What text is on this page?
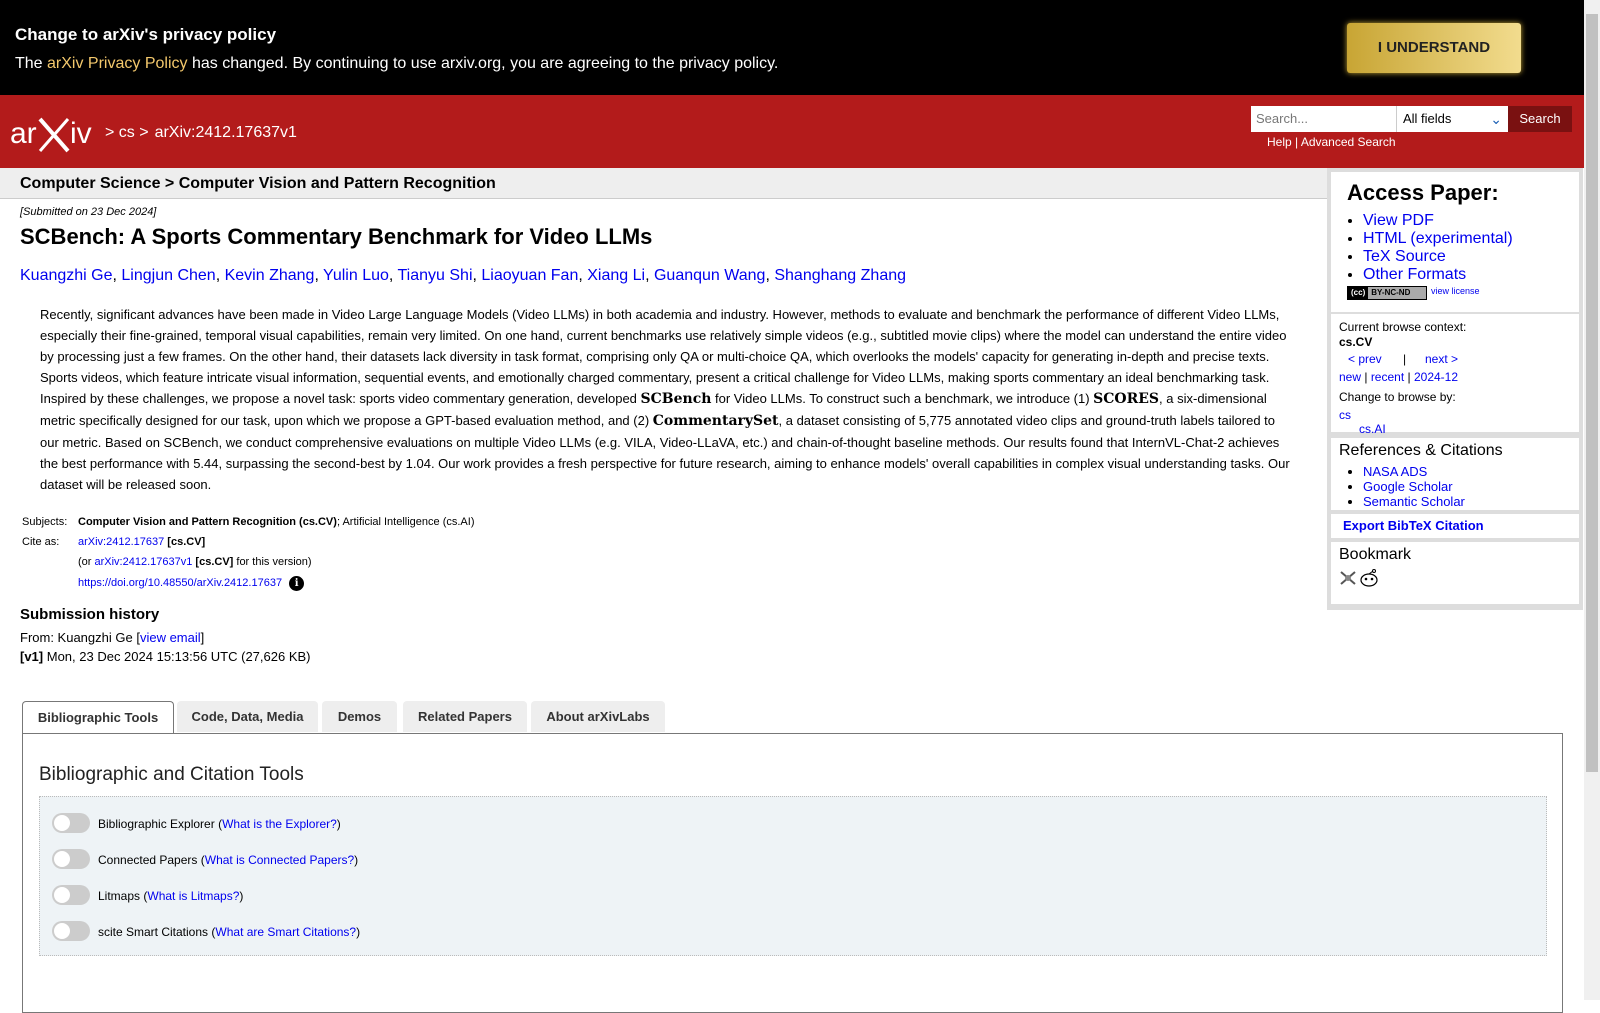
Change to arXiv's privacy policy
The arXiv Privacy Policy has changed. By continuing to use arxiv.org, you are agreeing to the privacy policy.
I UNDERSTAND
ar iv > cs > arXiv:2412.17637v1
Search...	All fields	⌄	Search
Help | Advanced Search
Computer Science > Computer Vision and Pattern Recognition
[Submitted on 23 Dec 2024]
SCBench: A Sports Commentary Benchmark for Video LLMs
Kuangzhi Ge, Lingjun Chen, Kevin Zhang, Yulin Luo, Tianyu Shi, Liaoyuan Fan, Xiang Li, Guanqun Wang, Shanghang Zhang
Recently, significant advances have been made in Video Large Language Models (Video LLMs) in both academia and industry. However, methods to evaluate and benchmark the performance of different Video LLMs, especially their fine-grained, temporal visual capabilities, remain very limited. On one hand, current benchmarks use relatively simple videos (e.g., subtitled movie clips) where the model can understand the entire video by processing just a few frames. On the other hand, their datasets lack diversity in task format, comprising only QA or multi-choice QA, which overlooks the models' capacity for generating in-depth and precise texts. Sports videos, which feature intricate visual information, sequential events, and emotionally charged commentary, present a critical challenge for Video LLMs, making sports commentary an ideal benchmarking task. Inspired by these challenges, we propose a novel task: sports video commentary generation, developed SCBench for Video LLMs. To construct such a benchmark, we introduce (1) SCORES, a six-dimensional metric specifically designed for our task, upon which we propose a GPT-based evaluation method, and (2) CommentarySet, a dataset consisting of 5,775 annotated video clips and ground-truth labels tailored to our metric. Based on SCBench, we conduct comprehensive evaluations on multiple Video LLMs (e.g. VILA, Video-LLaVA, etc.) and chain-of-thought baseline methods. Our results found that InternVL-Chat-2 achieves the best performance with 5.44, surpassing the second-best by 1.04. Our work provides a fresh perspective for future research, aiming to enhance models' overall capabilities in complex visual understanding tasks. Our dataset will be released soon.
Subjects: Computer Vision and Pattern Recognition (cs.CV); Artificial Intelligence (cs.AI)
Cite as: arXiv:2412.17637 [cs.CV]
(or arXiv:2412.17637v1 [cs.CV] for this version)
https://doi.org/10.48550/arXiv.2412.17637 i
Submission history
From: Kuangzhi Ge [view email]
[v1] Mon, 23 Dec 2024 15:13:56 UTC (27,626 KB)
Access Paper:
• View PDF
• HTML (experimental)
• TeX Source
• Other Formats
(cc) BY-NC-ND	view license
Current browse context:
cs.CV
< prev | next >
new | recent | 2024-12
Change to browse by:
cs
cs.AI
References & Citations
• NASA ADS
• Google Scholar
• Semantic Scholar
Export BibTeX Citation
Bookmark
Bibliographic Tools	Code, Data, Media	Demos	Related Papers	About arXivLabs
Bibliographic and Citation Tools
Bibliographic Explorer (What is the Explorer?)
Connected Papers (What is Connected Papers?)
Litmaps (What is Litmaps?)
scite Smart Citations (What are Smart Citations?)
